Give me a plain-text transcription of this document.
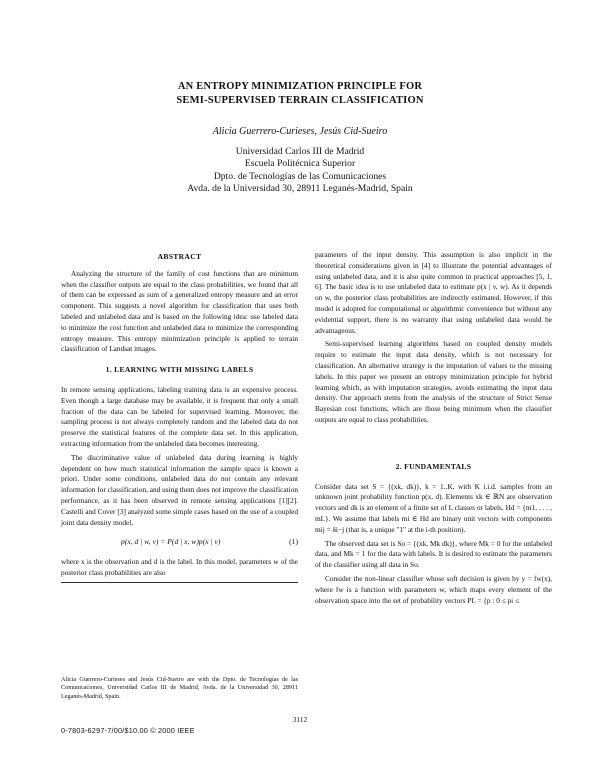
AN ENTROPY MINIMIZATION PRINCIPLE FOR
SEMI-SUPERVISED TERRAIN CLASSIFICATION
Alicia Guerrero-Curieses, Jesús Cid-Sueiro
Universidad Carlos III de Madrid
Escuela Politécnica Superior
Dpto. de Tecnologías de las Comunicaciones
Avda. de la Universidad 30, 28911 Leganés-Madrid, Spain
ABSTRACT

Analyzing the structure of the family of cost functions that are minimum when the classifier outputs are equal to the class probabilities, we found that all of them can be expressed as sum of a generalized entropy measure and an error component. This suggests a novel algorithm for classification that uses both labeled and unlabeled data and is based on the following idea: use labeled data to minimize the cost function and unlabeled data to minimize the corresponding entropy measure. This entropy minimization principle is applied to terrain classification of Landsat images.

1. LEARNING WITH MISSING LABELS

In remote sensing applications, labeling training data is an expensive process. Even though a large database may be available, it is frequent that only a small fraction of the data can be labeled for supervised learning. Moreover, the sampling process is not always completely random and the labeled data do not preserve the statistical features of the complete data set. In this application, extracting information from the unlabeled data becomes interesting.

The discriminative value of unlabeled data during learning is highly dependent on how much statistical information the sample space is known a priori. Under some conditions, unlabeled data do not contain any relevant information for classification, and using them does not improve the classification performance, as it has been observed in remote sensing applications [1][2]. Castelli and Cover [3] analyzed some simple cases based on the use of a coupled joint data density model,

p(x, d | w, v) = P(d | x, w)p(x | v)	(1)

where x is the observation and d is the label. In this model, parameters w of the posterior class probabilities are also

Alicia Guerrero-Curieses and Jesús Cid-Sueiro are with the Dpto. de Tecnologías de las Comunicaciones, Universidad Carlos III de Madrid, Avda. de la Universidad 30, 28911 Leganés-Madrid, Spain.

parameters of the input density. This assumption is also implicit in the theoretical considerations given in [4] to illustrate the potential advantages of using unlabeled data, and it is also quite common in practical approaches [5, 1, 6]. The basic idea is to use unlabeled data to estimate p(x | v, w). As it depends on w, the posterior class probabilities are indirectly estimated. However, if this model is adopted for computational or algorithmic convenience but without any evidential support, there is no warranty that using unlabeled data would be advantageous.

Semi-supervised learning algorithms based on coupled density models require to estimate the input data density, which is not necessary for classification. An alternative strategy is the imputation of values to the missing labels. In this paper we present an entropy minimization principle for hybrid learning which, as with imputation strategies, avoids estimating the input data density. Our approach stems from the analysis of the structure of Strict Sense Bayesian cost functions, which are those being minimum when the classifier outputs are equal to class probabilities.

2. FUNDAMENTALS

Consider data set S = {(xk, dk)}, k = 1..K, with K i.i.d. samples from an unknown joint probability function p(x, d). Elements xk ∈ ℝN are observation vectors and dk is an element of a finite set of L classes or labels, Hd = {m1, . . . , mL}. We assume that labels mi ∈ Hd are binary unit vectors with components mij = δi−j (that is, a unique "1" at the i-th position).

The observed data set is So = {(xk, Mk dk)}, where Mk = 0 for the unlabeled data, and Mk = 1 for the data with labels. It is desired to estimate the parameters of the classifier using all data in So.

Consider the non-linear classifier whose soft decision is given by y = fw(x), where fw is a function with parameters w, which maps every element of the observation space into the set of probability vectors PL = {p : 0 ≤ pi ≤

3112
0-7803-6297-7/00/$10.00 © 2000 IEEE
